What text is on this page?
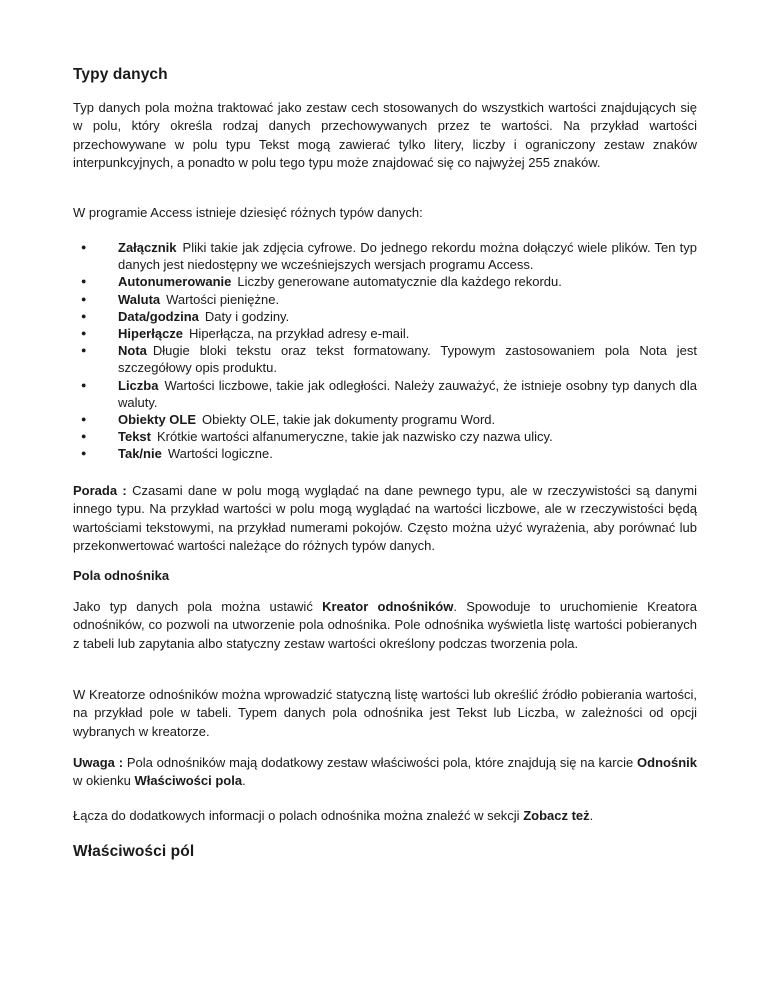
Typy danych

Typ danych pola można traktować jako zestaw cech stosowanych do wszystkich wartości znajdujących się w polu, który określa rodzaj danych przechowywanych przez te wartości. Na przykład wartości przechowywane w polu typu Tekst mogą zawierać tylko litery, liczby i ograniczony zestaw znaków interpunkcyjnych, a ponadto w polu tego typu może znajdować się co najwyżej 255 znaków.

W programie Access istnieje dziesięć różnych typów danych:

● Załącznik Pliki takie jak zdjęcia cyfrowe. Do jednego rekordu można dołączyć wiele plików. Ten typ danych jest niedostępny we wcześniejszych wersjach programu Access.
● Autonumerowanie Liczby generowane automatycznie dla każdego rekordu.
● Waluta Wartości pieniężne.
● Data/godzina Daty i godziny.
● Hiperłącze Hiperłącza, na przykład adresy e-mail.
● Nota Długie bloki tekstu oraz tekst formatowany. Typowym zastosowaniem pola Nota jest szczegółowy opis produktu.
● Liczba Wartości liczbowe, takie jak odległości. Należy zauważyć, że istnieje osobny typ danych dla waluty.
● Obiekty OLE Obiekty OLE, takie jak dokumenty programu Word.
● Tekst Krótkie wartości alfanumeryczne, takie jak nazwisko czy nazwa ulicy.
● Tak/nie Wartości logiczne.

Porada : Czasami dane w polu mogą wyglądać na dane pewnego typu, ale w rzeczywistości są danymi innego typu. Na przykład wartości w polu mogą wyglądać na wartości liczbowe, ale w rzeczywistości będą wartościami tekstowymi, na przykład numerami pokojów. Często można użyć wyrażenia, aby porównać lub przekonwertować wartości należące do różnych typów danych.

Pola odnośnika

Jako typ danych pola można ustawić Kreator odnośników. Spowoduje to uruchomienie Kreatora odnośników, co pozwoli na utworzenie pola odnośnika. Pole odnośnika wyświetla listę wartości pobieranych z tabeli lub zapytania albo statyczny zestaw wartości określony podczas tworzenia pola.

W Kreatorze odnośników można wprowadzić statyczną listę wartości lub określić źródło pobierania wartości, na przykład pole w tabeli. Typem danych pola odnośnika jest Tekst lub Liczba, w zależności od opcji wybranych w kreatorze.

Uwaga : Pola odnośników mają dodatkowy zestaw właściwości pola, które znajdują się na karcie Odnośnik w okienku Właściwości pola.

Łącza do dodatkowych informacji o polach odnośnika można znaleźć w sekcji Zobacz też.

Właściwości pól
